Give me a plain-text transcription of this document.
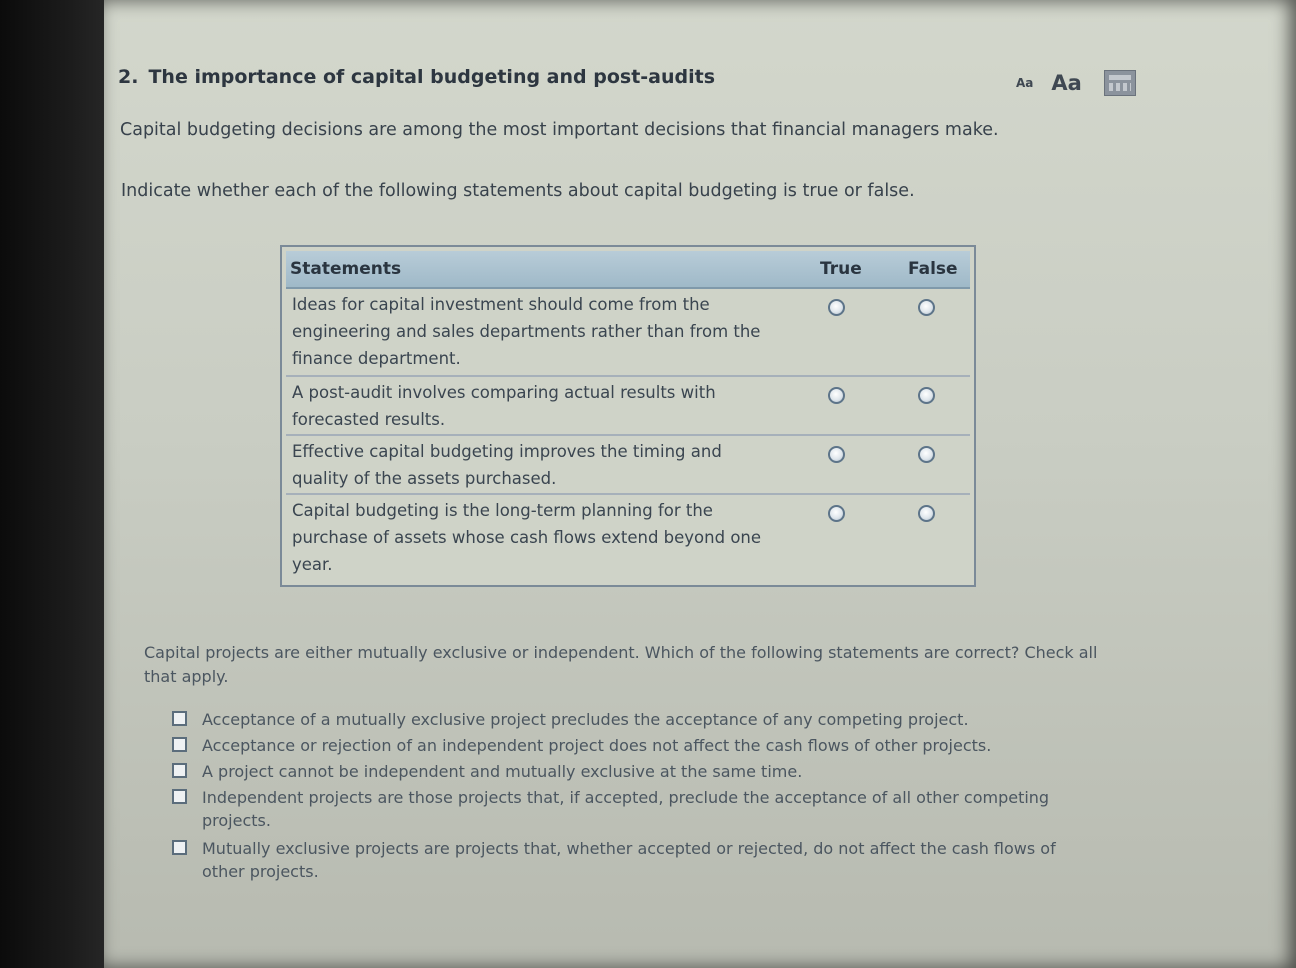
2. The importance of capital budgeting and post-audits	Aa Aa
Capital budgeting decisions are among the most important decisions that financial managers make.
Indicate whether each of the following statements about capital budgeting is true or false.
Statements	True	False
Ideas for capital investment should come from the engineering and sales departments rather than from the finance department.
A post-audit involves comparing actual results with forecasted results.
Effective capital budgeting improves the timing and quality of the assets purchased.
Capital budgeting is the long-term planning for the purchase of assets whose cash flows extend beyond one year.
Capital projects are either mutually exclusive or independent. Which of the following statements are correct? Check all that apply.
Acceptance of a mutually exclusive project precludes the acceptance of any competing project.
Acceptance or rejection of an independent project does not affect the cash flows of other projects.
A project cannot be independent and mutually exclusive at the same time.
Independent projects are those projects that, if accepted, preclude the acceptance of all other competing projects.
Mutually exclusive projects are projects that, whether accepted or rejected, do not affect the cash flows of other projects.
